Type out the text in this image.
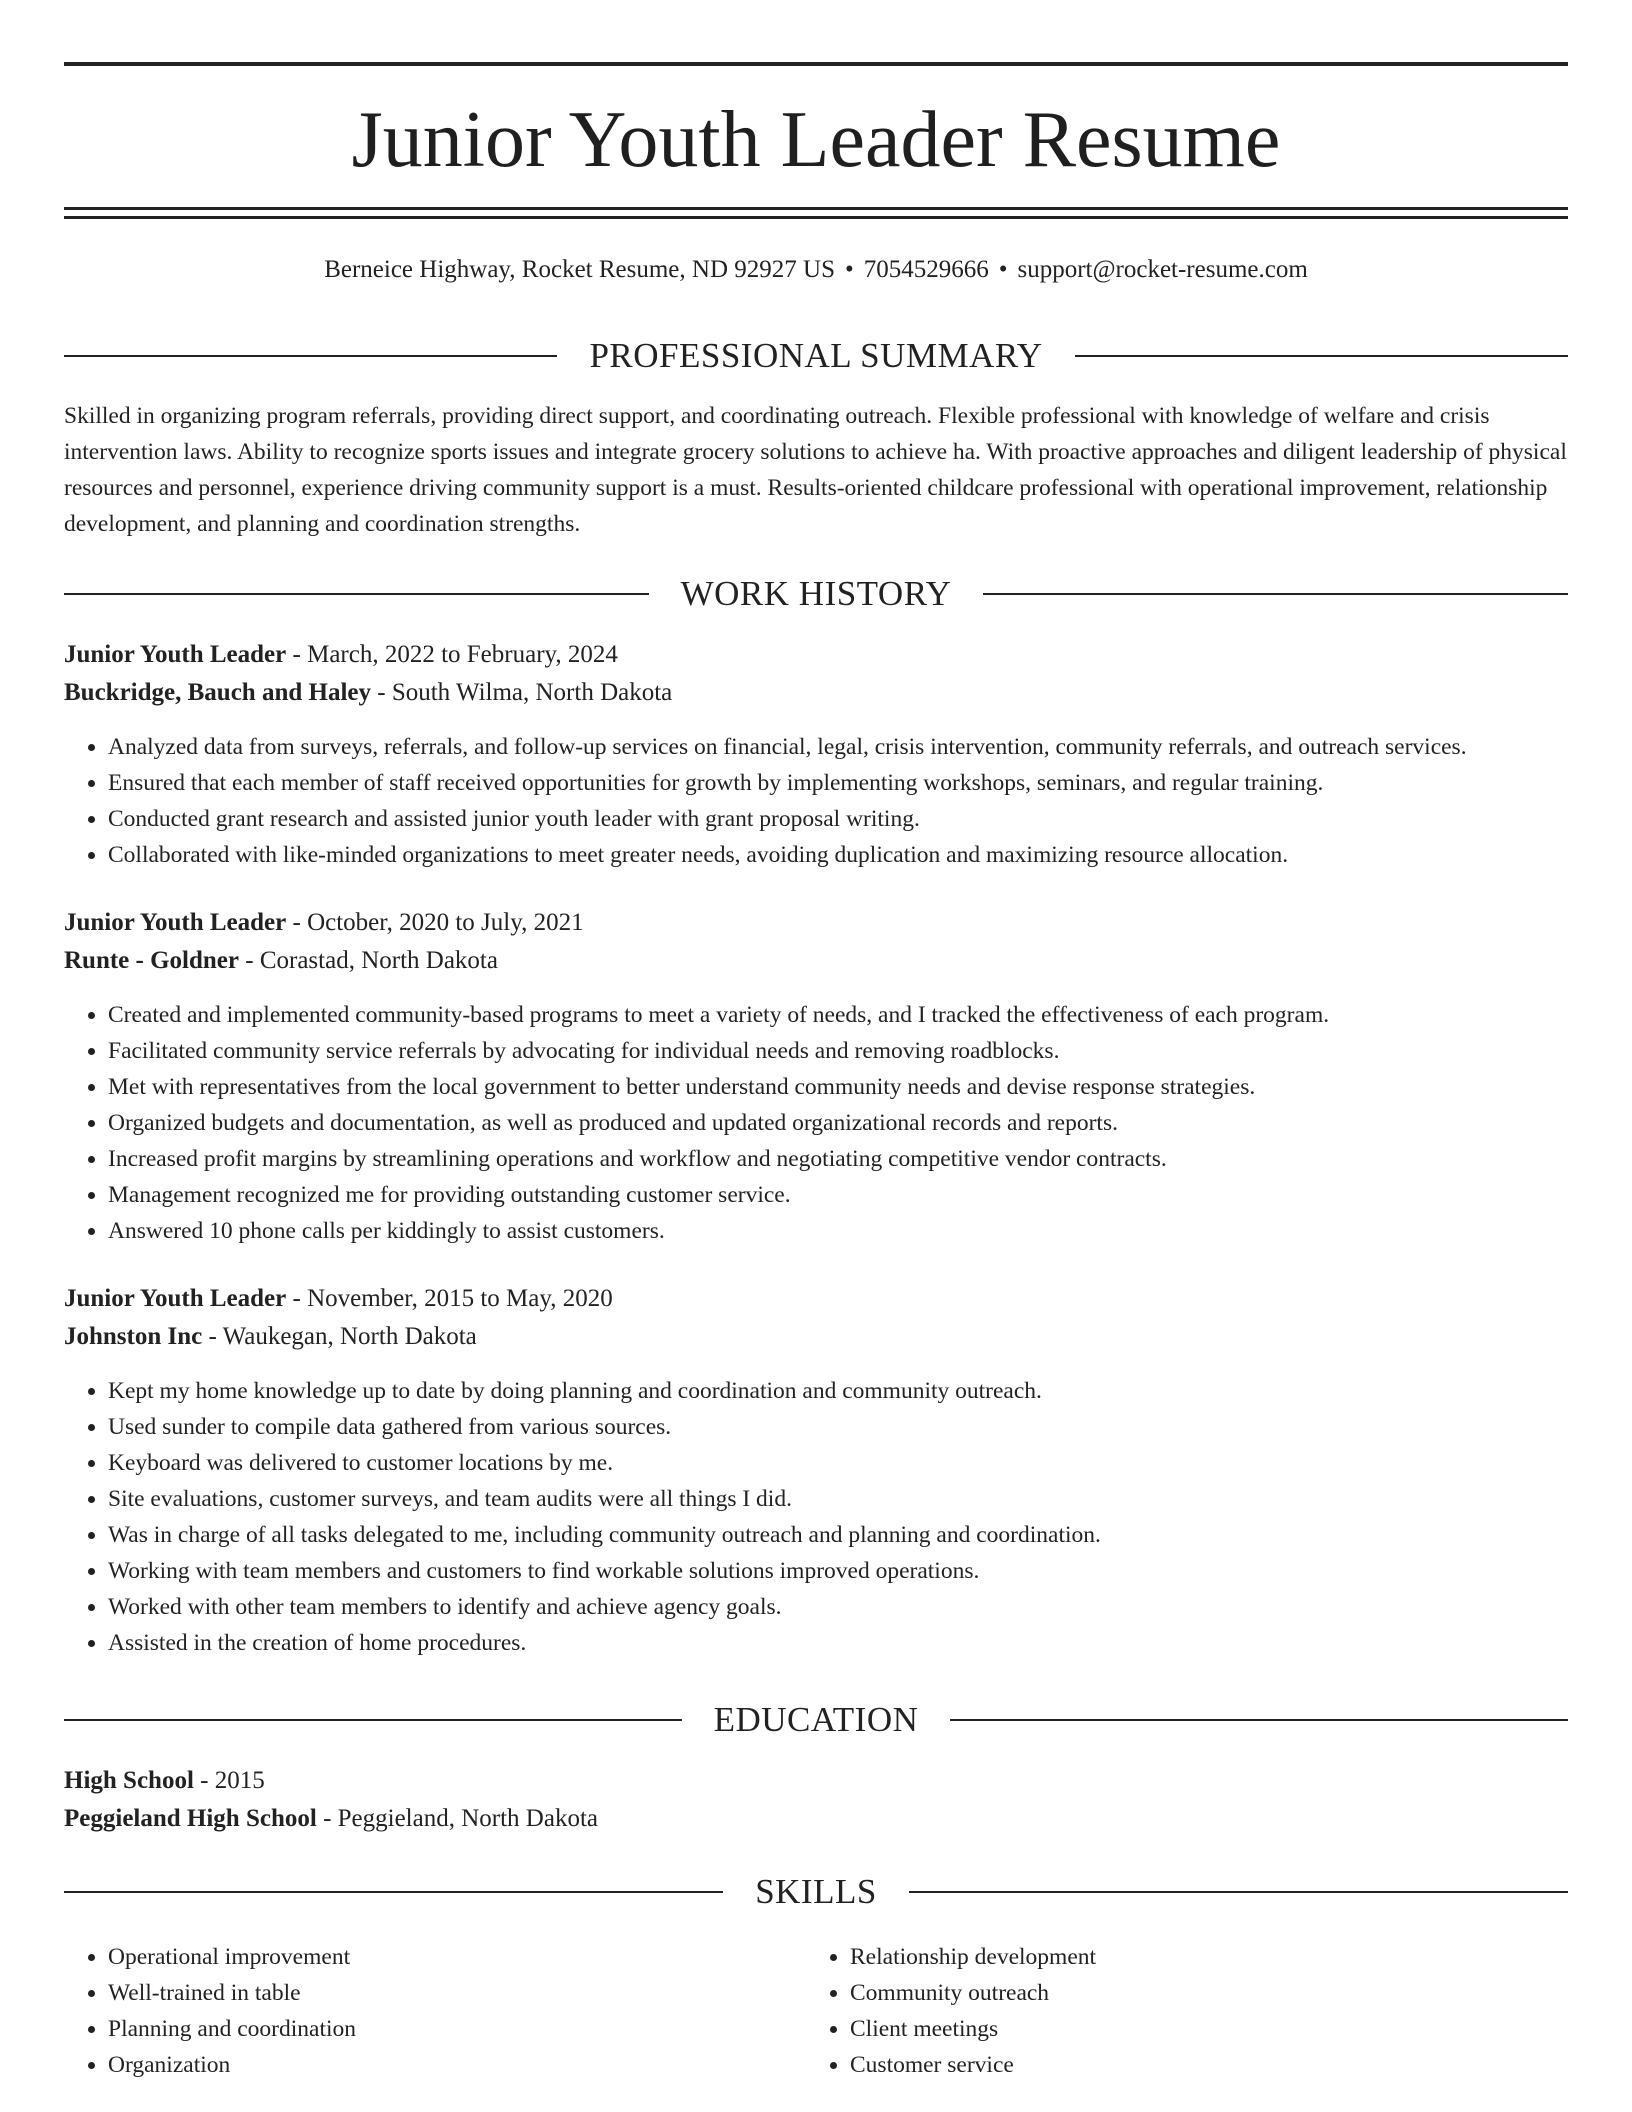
Junior Youth Leader Resume
Berneice Highway, Rocket Resume, ND 92927 US • 7054529666 • support@rocket-resume.com
PROFESSIONAL SUMMARY
Skilled in organizing program referrals, providing direct support, and coordinating outreach. Flexible professional with knowledge of welfare and crisis intervention laws. Ability to recognize sports issues and integrate grocery solutions to achieve ha. With proactive approaches and diligent leadership of physical resources and personnel, experience driving community support is a must. Results-oriented childcare professional with operational improvement, relationship development, and planning and coordination strengths.
WORK HISTORY
Junior Youth Leader - March, 2022 to February, 2024
Buckridge, Bauch and Haley - South Wilma, North Dakota
• Analyzed data from surveys, referrals, and follow-up services on financial, legal, crisis intervention, community referrals, and outreach services.
• Ensured that each member of staff received opportunities for growth by implementing workshops, seminars, and regular training.
• Conducted grant research and assisted junior youth leader with grant proposal writing.
• Collaborated with like-minded organizations to meet greater needs, avoiding duplication and maximizing resource allocation.
Junior Youth Leader - October, 2020 to July, 2021
Runte - Goldner - Corastad, North Dakota
• Created and implemented community-based programs to meet a variety of needs, and I tracked the effectiveness of each program.
• Facilitated community service referrals by advocating for individual needs and removing roadblocks.
• Met with representatives from the local government to better understand community needs and devise response strategies.
• Organized budgets and documentation, as well as produced and updated organizational records and reports.
• Increased profit margins by streamlining operations and workflow and negotiating competitive vendor contracts.
• Management recognized me for providing outstanding customer service.
• Answered 10 phone calls per kiddingly to assist customers.
Junior Youth Leader - November, 2015 to May, 2020
Johnston Inc - Waukegan, North Dakota
• Kept my home knowledge up to date by doing planning and coordination and community outreach.
• Used sunder to compile data gathered from various sources.
• Keyboard was delivered to customer locations by me.
• Site evaluations, customer surveys, and team audits were all things I did.
• Was in charge of all tasks delegated to me, including community outreach and planning and coordination.
• Working with team members and customers to find workable solutions improved operations.
• Worked with other team members to identify and achieve agency goals.
• Assisted in the creation of home procedures.
EDUCATION
High School - 2015
Peggieland High School - Peggieland, North Dakota
SKILLS
• Operational improvement
• Well-trained in table
• Planning and coordination
• Organization
• Relationship development
• Community outreach
• Client meetings
• Customer service
